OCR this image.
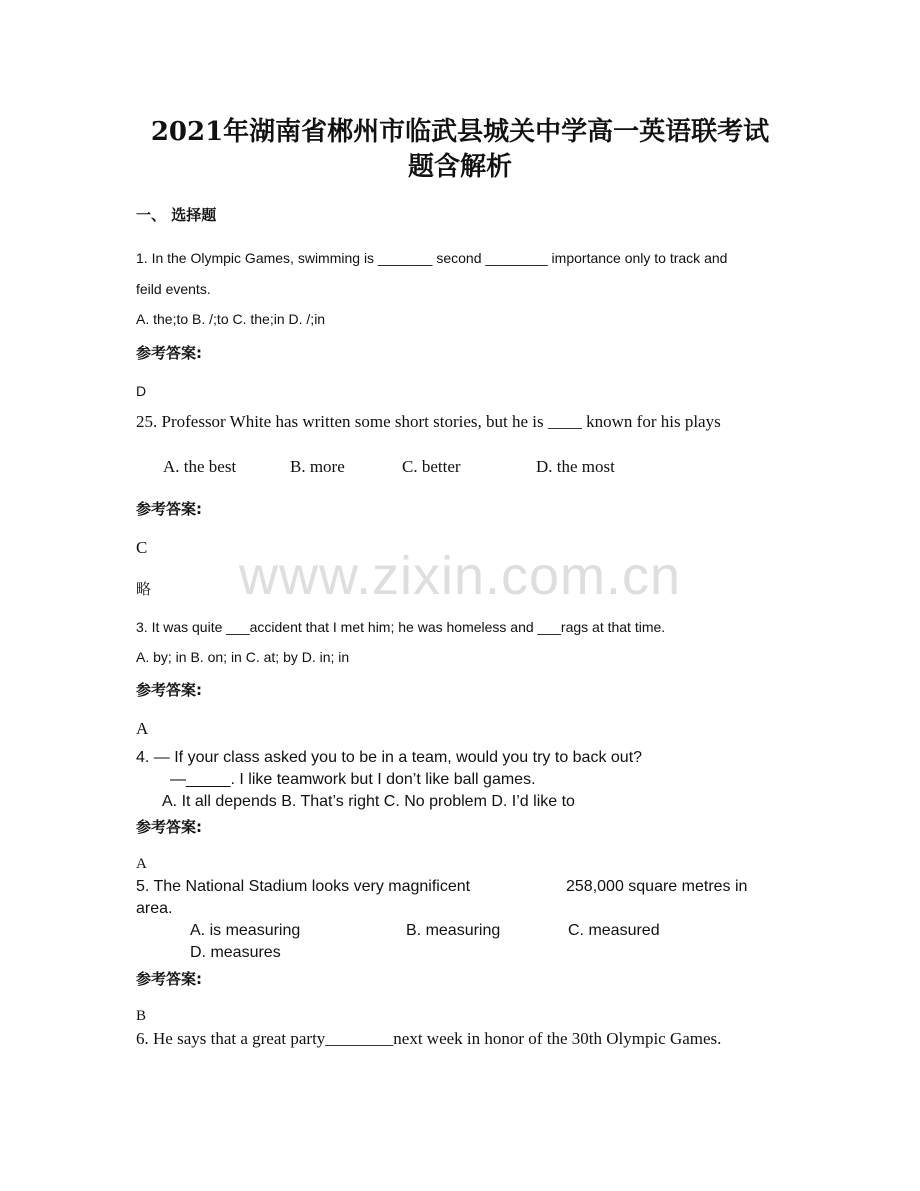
www.zixin.com.cn
2021年湖南省郴州市临武县城关中学高一英语联考试
题含解析
一、 选择题
1. In the Olympic Games, swimming is _______ second ________ importance only to track and
feild events.
A. the;to B. /;to C. the;in D. /;in
参考答案:
D
25. Professor White has written some short stories, but he is ____ known for his plays
A. the best	B. more	C. better	D. the most
参考答案:
C
略
3. It was quite ___accident that I met him; he was homeless and ___rags at that time.
A. by; in B. on; in C. at; by D. in; in
参考答案:
A
4. — If your class asked you to be in a team, would you try to back out?
—_____. I like teamwork but I don’t like ball games.
A. It all depends B. That’s right C. No problem D. I’d like to
参考答案:
A
5. The National Stadium looks very magnificent	258,000 square metres in
area.
A. is measuring	B. measuring	C. measured
D. measures
参考答案:
B
6. He says that a great party________next week in honor of the 30th Olympic Games.
